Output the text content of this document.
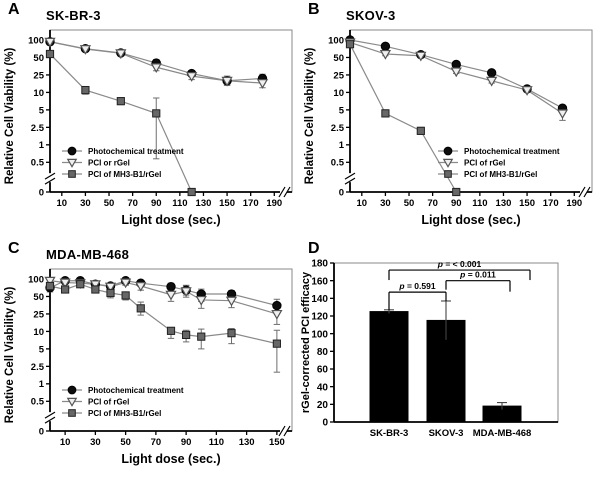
A SK-BR-3
0
0.5
1
2.5
5
10
25
50
100
10 30 50 70 90 110 130 150 170 190
Light dose (sec.)
Relative Cell Viability (%)	Photochemical treatment
PCI or rGel
PCI of MH3-B1/rGel
B SKOV-3
0
0.5
1
2.5
5
10
25
50
100
10 30 50 70 90 110 130 150 170 190
Light dose (sec.)
Relative Cell Viability (%)	Photochemical treatment
PCI of rGel
PCI of MH3-B1/rGel
C MDA-MB-468
0
0.5
1
2.5
5
10
25
50
100
10 30 50 70 90 110 130 150
Light dose (sec.)
Relative Cell Viability (%)	Photochemical treatment
PCI of rGel
PCI of MH3-B1/rGel
D
0
20
40
60
80
100
120
140
160
180
rGel-corrected PCI efficacy
SK-BR-3 SKOV-3 MDA-MB-468
p = < 0.001
p = 0.011
p = 0.591
